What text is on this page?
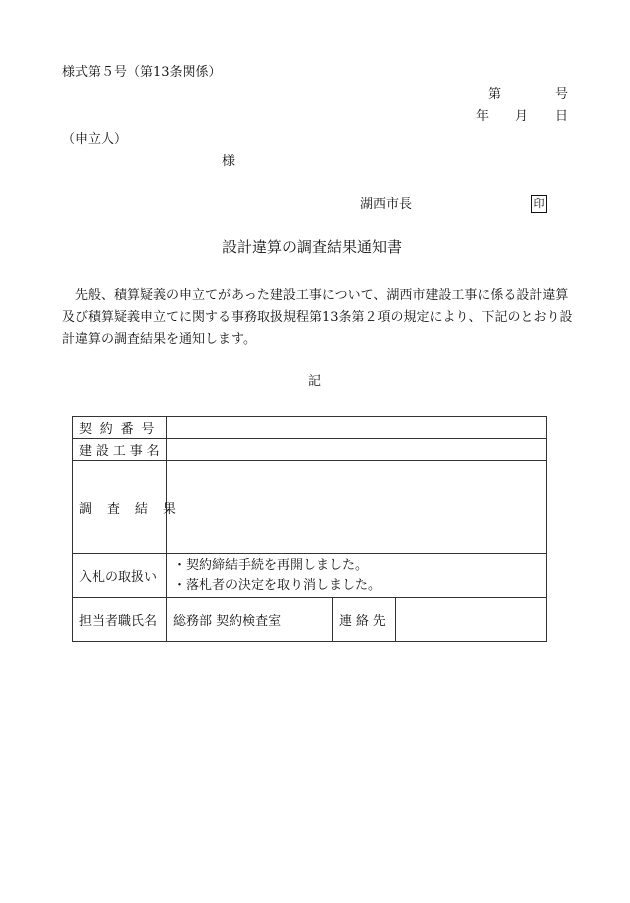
様式第５号（第13条関係）
第	号
年 月 日
（申立人）
様
湖西市長	印
設計違算の調査結果通知書
先般、積算疑義の申立てがあった建設工事について、湖西市建設工事に係る設計違算及び積算疑義申立てに関する事務取扱規程第13条第２項の規定により、下記のとおり設計違算の調査結果を通知します。
記
契約番号			
建設工事名			
調査結果			
入札の取扱い	・契約締結手続を再開しました。
・落札者の決定を取り消しました。		

担当者職氏名	総務部 契約検査室	連絡先	
